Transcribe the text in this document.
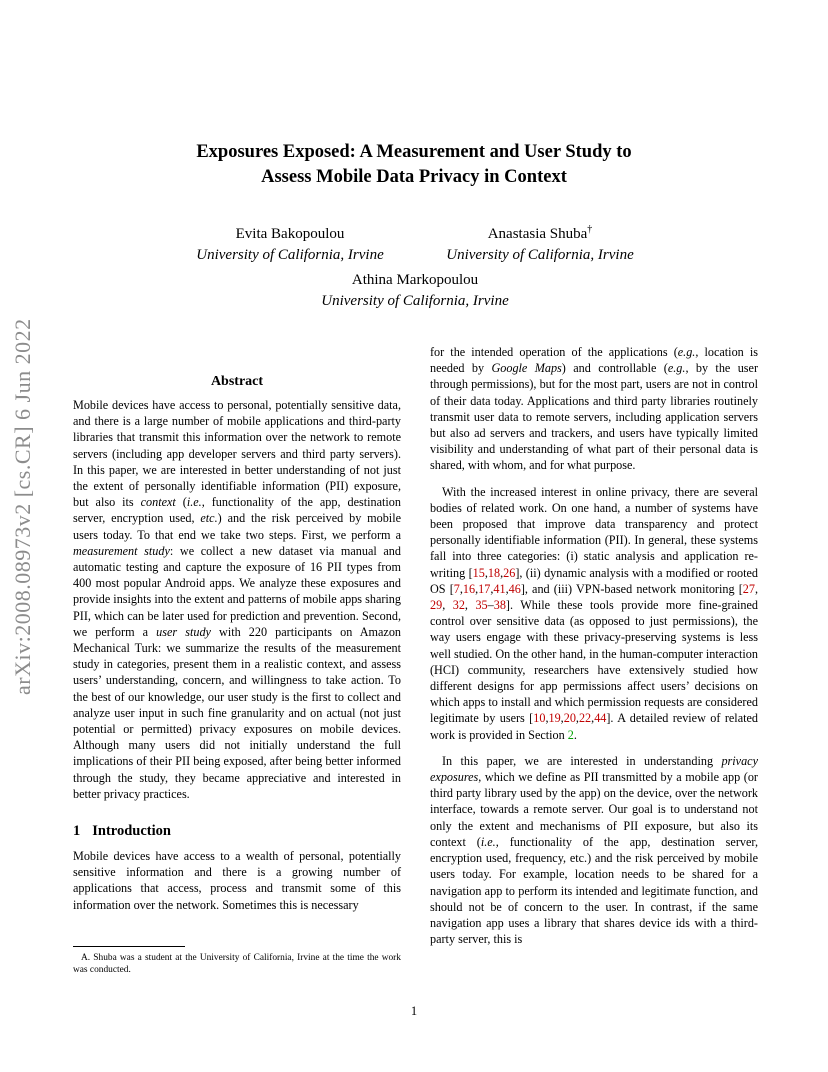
arXiv:2008.08973v2 [cs.CR] 6 Jun 2022
Exposures Exposed: A Measurement and User Study to
Assess Mobile Data Privacy in Context
Evita Bakopoulou
University of California, Irvine
Anastasia Shuba†
University of California, Irvine
Athina Markopoulou
University of California, Irvine
Abstract

Mobile devices have access to personal, potentially sensitive data, and there is a large number of mobile applications and third-party libraries that transmit this information over the network to remote servers (including app developer servers and third party servers). In this paper, we are interested in better understanding of not just the extent of personally identifiable information (PII) exposure, but also its context (i.e., functionality of the app, destination server, encryption used, etc.) and the risk perceived by mobile users today. To that end we take two steps. First, we perform a measurement study: we collect a new dataset via manual and automatic testing and capture the exposure of 16 PII types from 400 most popular Android apps. We analyze these exposures and provide insights into the extent and patterns of mobile apps sharing PII, which can be later used for prediction and prevention. Second, we perform a user study with 220 participants on Amazon Mechanical Turk: we summarize the results of the measurement study in categories, present them in a realistic context, and assess users’ understanding, concern, and willingness to take action. To the best of our knowledge, our user study is the first to collect and analyze user input in such fine granularity and on actual (not just potential or permitted) privacy exposures on mobile devices. Although many users did not initially understand the full implications of their PII being exposed, after being better informed through the study, they became appreciative and interested in better privacy practices.

1 Introduction

Mobile devices have access to a wealth of personal, potentially sensitive information and there is a growing number of applications that access, process and transmit some of this information over the network. Sometimes this is necessary

A. Shuba was a student at the University of California, Irvine at the time the work was conducted.

for the intended operation of the applications (e.g., location is needed by Google Maps) and controllable (e.g., by the user through permissions), but for the most part, users are not in control of their data today. Applications and third party libraries routinely transmit user data to remote servers, including application servers but also ad servers and trackers, and users have typically limited visibility and understanding of what part of their personal data is shared, with whom, and for what purpose.

With the increased interest in online privacy, there are several bodies of related work. On one hand, a number of systems have been proposed that improve data transparency and protect personally identifiable information (PII). In general, these systems fall into three categories: (i) static analysis and application re-writing [15,18,26], (ii) dynamic analysis with a modified or rooted OS [7,16,17,41,46], and (iii) VPN-based network monitoring [27, 29, 32, 35–38]. While these tools provide more fine-grained control over sensitive data (as opposed to just permissions), the way users engage with these privacy-preserving systems is less well studied. On the other hand, in the human-computer interaction (HCI) community, researchers have extensively studied how different designs for app permissions affect users’ decisions on which apps to install and which permission requests are considered legitimate by users [10,19,20,22,44]. A detailed review of related work is provided in Section 2.

In this paper, we are interested in understanding privacy exposures, which we define as PII transmitted by a mobile app (or third party library used by the app) on the device, over the network interface, towards a remote server. Our goal is to understand not only the extent and mechanisms of PII exposure, but also its context (i.e., functionality of the app, destination server, encryption used, frequency, etc.) and the risk perceived by mobile users today. For example, location needs to be shared for a navigation app to perform its intended and legitimate function, and should not be of concern to the user. In contrast, if the same navigation app uses a library that shares device ids with a third-party server, this is

1
